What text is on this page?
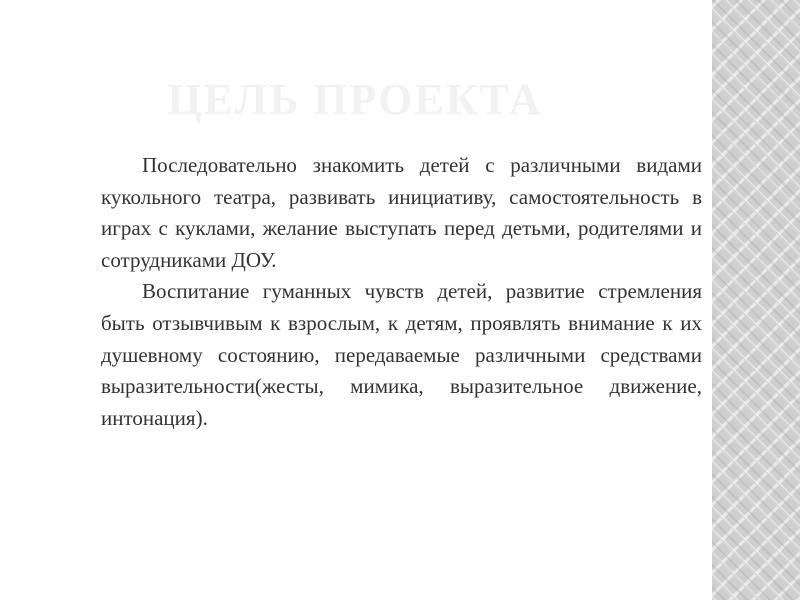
ЦЕЛЬ ПРОЕКТА

Последовательно знакомить детей с различными видами кукольного театра, развивать инициативу, самостоятельность в играх с куклами, желание выступать перед детьми, родителями и сотрудниками ДОУ.

Воспитание гуманных чувств детей, развитие стремления быть отзывчивым к взрослым, к детям, проявлять внимание к их душевному состоянию, передаваемые различными средствами выразительности(жесты, мимика, выразительное движение, интонация).
